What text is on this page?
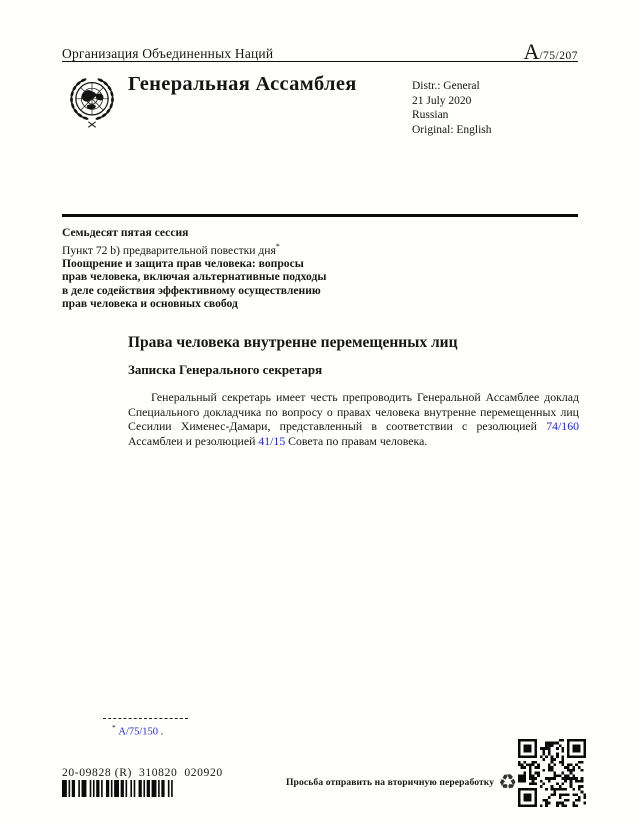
Организация Объединенных Наций	A/75/207
Генеральная Ассамблея	Distr.: General
21 July 2020
Russian
Original: English
Семьдесят пятая сессия
Пункт 72 b) предварительной повестки дня*
Поощрение и защита прав человека: вопросы
прав человека, включая альтернативные подходы
в деле содействия эффективному осуществлению
прав человека и основных свобод
Права человека внутренне перемещенных лиц
Записка Генерального секретаря
Генеральный секретарь имеет честь препроводить Генеральной Ассамблее доклад Специального докладчика по вопросу о правах человека внутренне перемещенных лиц Сесилии Хименес-Дамари, представленный в соответствии с резолюцией 74/160 Ассамблеи и резолюцией 41/15 Совета по правам человека.
* A/75/150 .
20-09828 (R)  310820  020920
Просьба отправить на вторичную переработку ♻
